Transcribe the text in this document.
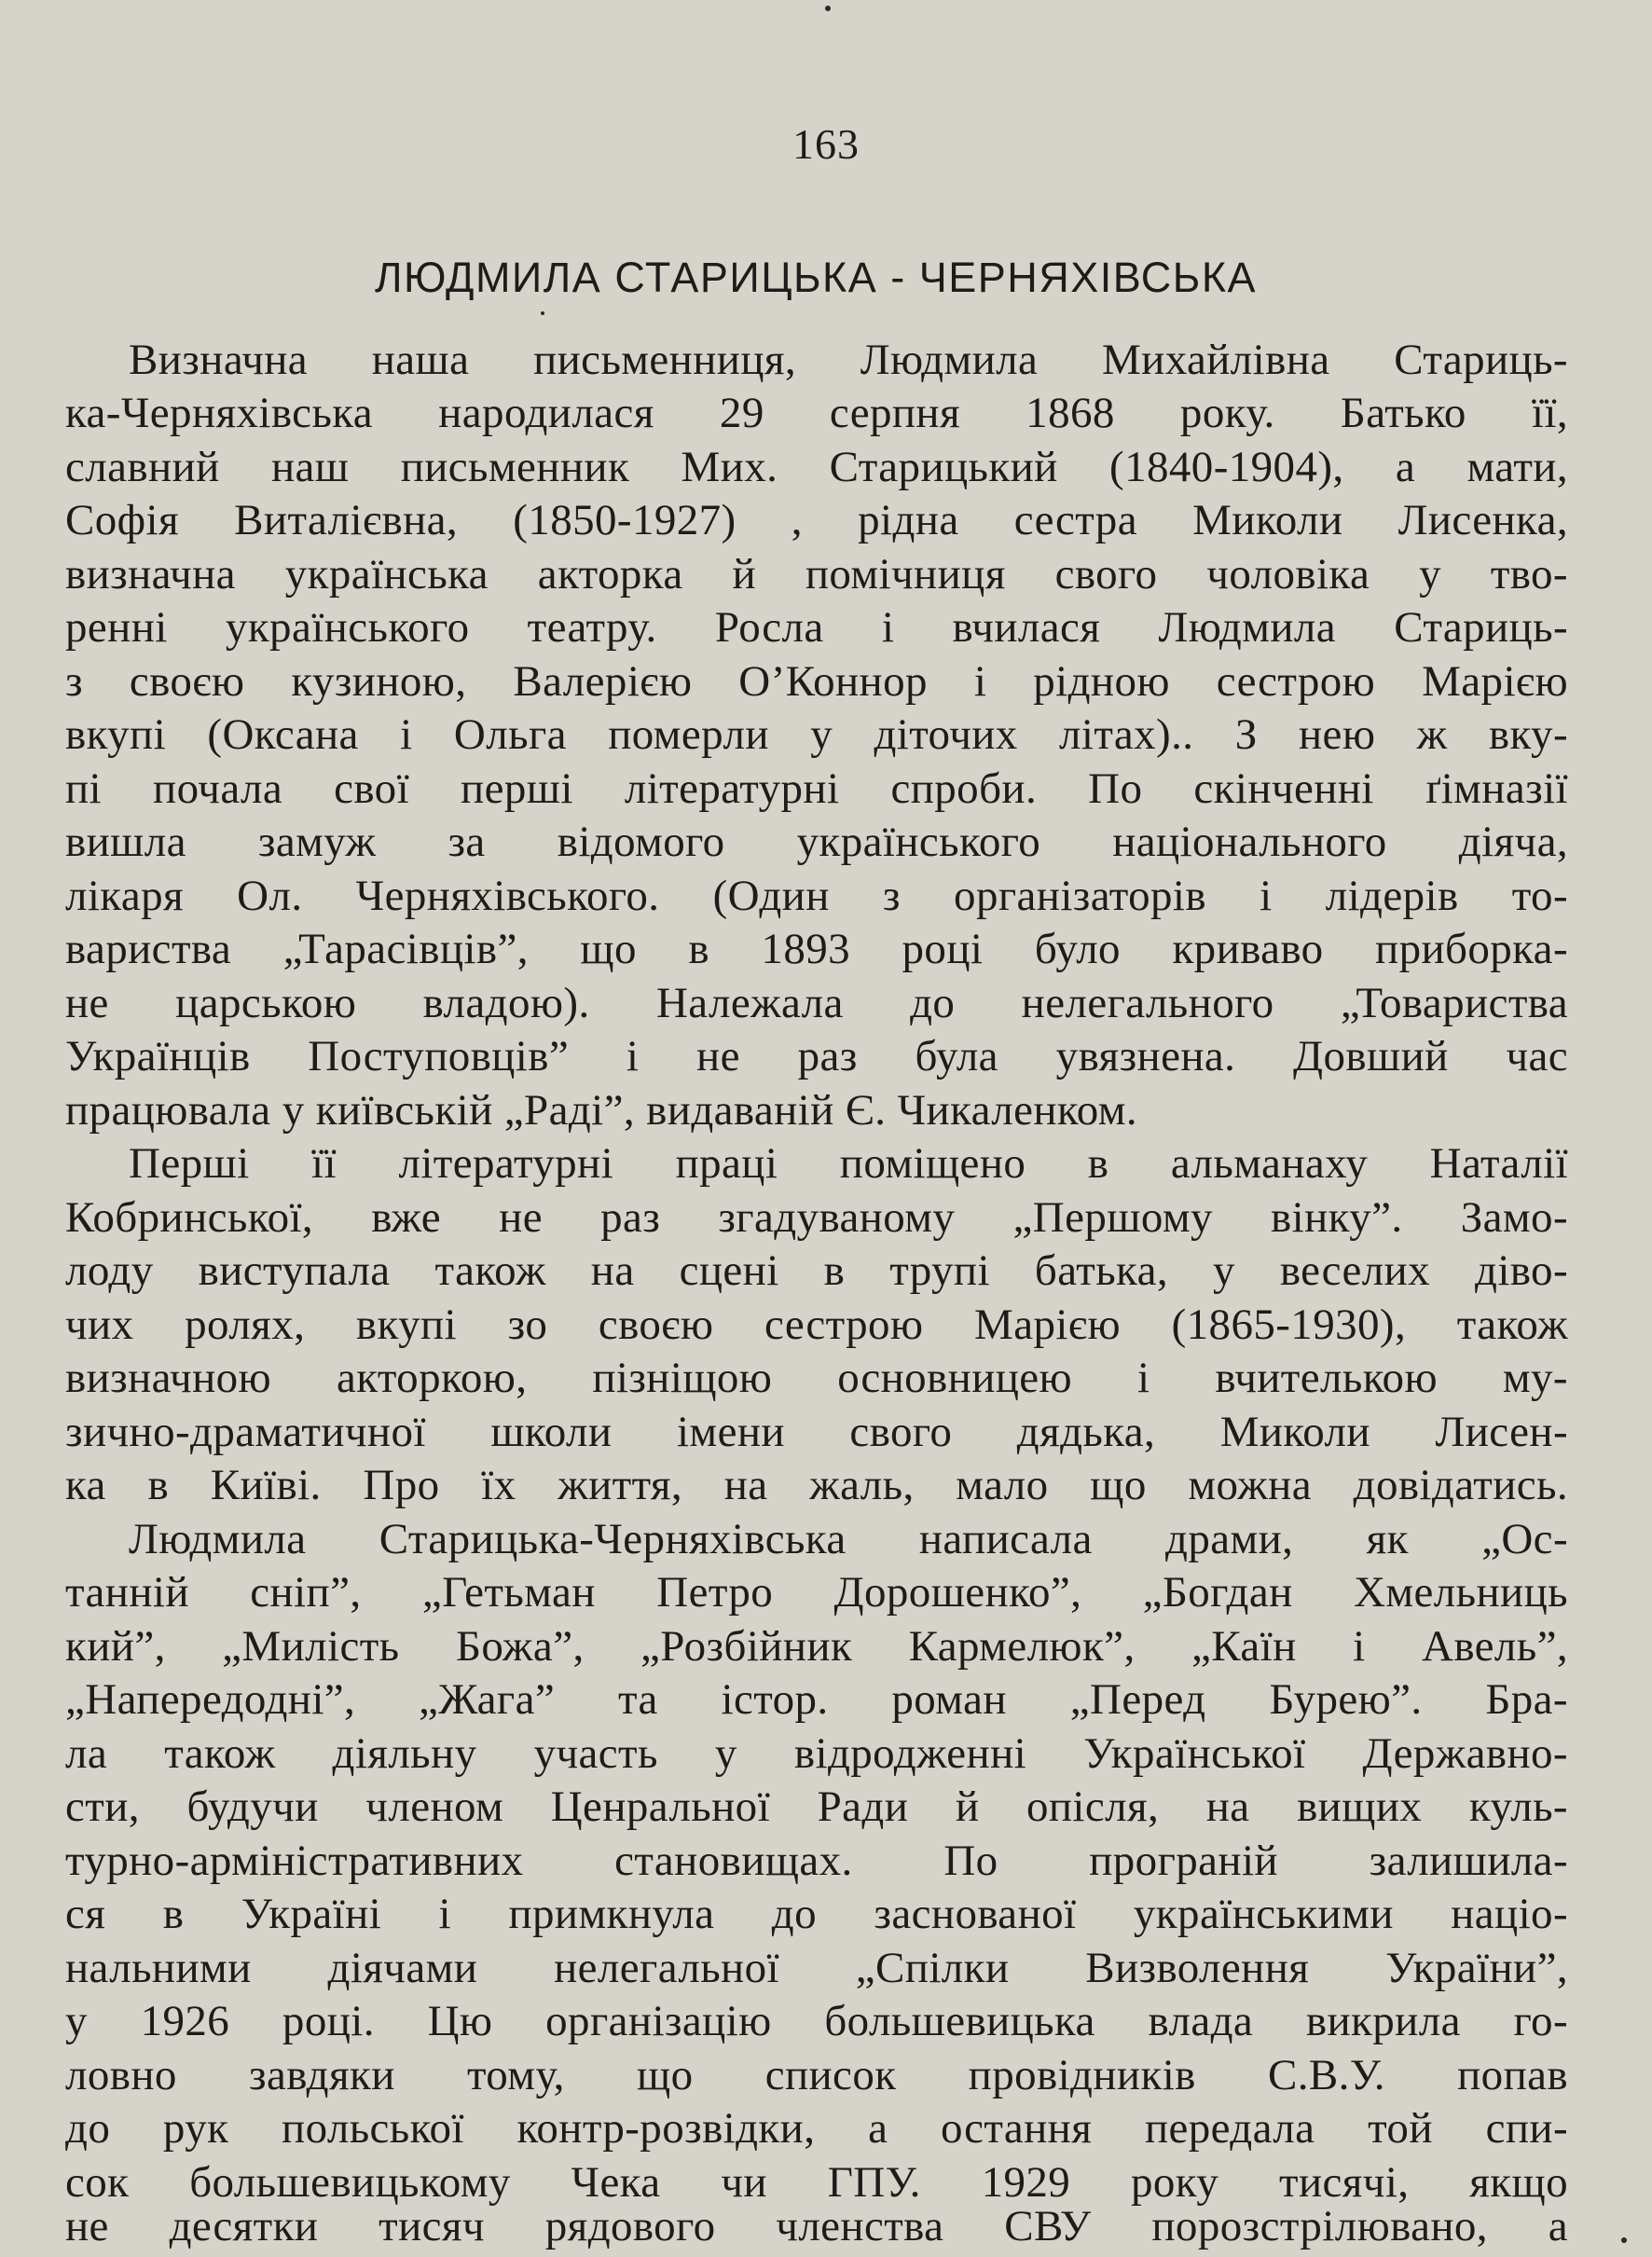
163
ЛЮДМИЛА СТАРИЦЬКА - ЧЕРНЯХІВСЬКА
Визначна наша письменниця, Людмила Михайлівна Стариць-
ка-Черняхівська народилася 29 серпня 1868 року. Батько її,
славний наш письменник Мих. Старицький (1840-1904), а мати,
Софія Виталієвна, (1850-1927) , рідна сестра Миколи Лисенка,
визначна українська акторка й помічниця свого чоловіка у тво-
ренні українського театру. Росла і вчилася Людмила Стариць-
з своєю кузиною, Валерією О’Коннор і рідною сестрою Марією
вкупі (Оксана і Ольга померли у діточих літах).. З нею ж вку-
пі почала свої перші літературні спроби. По скінченні ґімназії
вишла замуж за відомого українського національного діяча,
лікаря Ол. Черняхівського. (Один з організаторів і лідерів то-
вариства „Тарасівців”, що в 1893 році було криваво приборка-
не царською владою). Належала до нелегального „Товариства
Українців Поступовців” і не раз була увязнена. Довший час
працювала у київській „Раді”, видаваній Є. Чикаленком.
Перші її літературні праці поміщено в альманаху Наталії
Кобринської, вже не раз згадуваному „Першому вінку”. Замо-
лоду виступала також на сцені в трупі батька, у веселих діво-
чих ролях, вкупі зо своєю сестрою Марією (1865-1930), також
визначною акторкою, пізніщою основницею і вчителькою му-
зично-драматичної школи імени свого дядька, Миколи Лисен-
ка в Київі. Про їх життя, на жаль, мало що можна довідатись.
Людмила Старицька-Черняхівська написала драми, як „Ос-
танній сніп”, „Гетьман Петро Дорошенко”, „Богдан Хмельниць
кий”, „Милість Божа”, „Розбійник Кармелюк”, „Каїн і Авель”,
„Напередодні”, „Жага” та істор. роман „Перед Бурею”. Бра-
ла також діяльну участь у відродженні Української Державно-
сти, будучи членом Ценральної Ради й опісля, на вищих куль-
турно-арміністративних становищах. По програній залишила-
ся в Україні і примкнула до заснованої українськими націо-
нальними діячами нелегальної „Спілки Визволення України”,
у 1926 році. Цю організацію большевицька влада викрила го-
ловно завдяки тому, що список провідників С.В.У. попав
до рук польської контр-розвідки, а остання передала той спи-
сок большевицькому Чека чи ГПУ. 1929 року тисячі, якщо
не десятки тисяч рядового членства СВУ порозстрілювано, а
